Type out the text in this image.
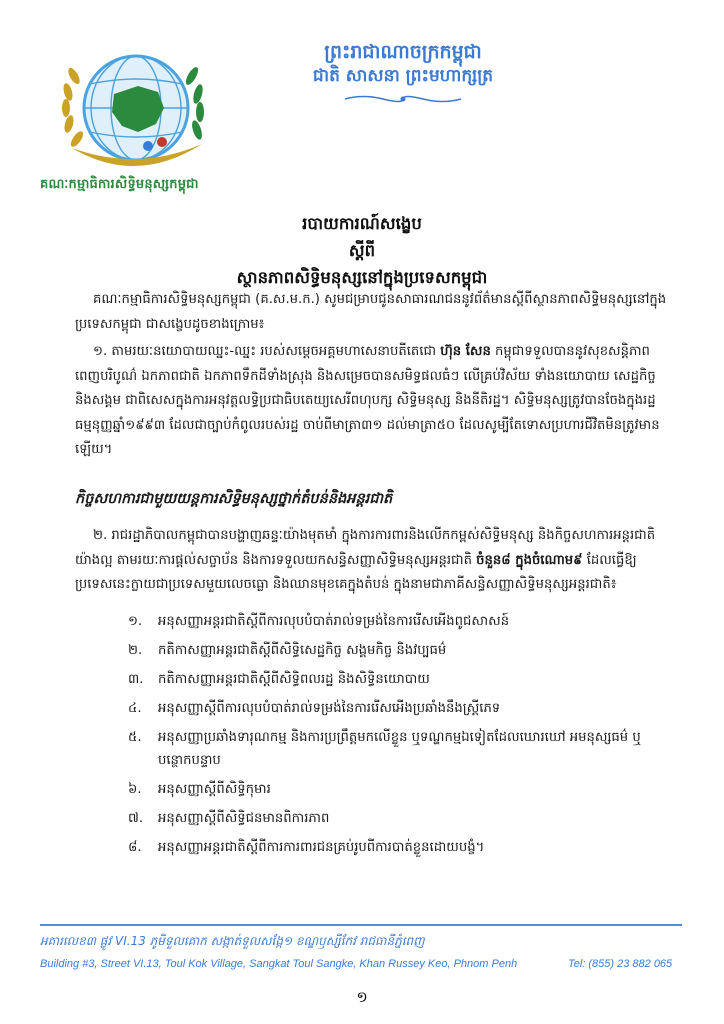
គណៈកម្មាធិការសិទ្ធិមនុស្សកម្ពុជា
ព្រះរាជាណាចក្រកម្ពុជា
ជាតិ សាសនា ព្រះមហាក្សត្រ
របាយការណ៍សង្ខេប
ស្តីពី
ស្ថានភាពសិទ្ធិមនុស្សនៅក្នុងប្រទេសកម្ពុជា
គណៈកម្មាធិការសិទ្ធិមនុស្សកម្ពុជា (គ.ស.ម.ក.) សូមជម្រាបជូនសាធារណជននូវព័ត៌មានស្តីពីស្ថានភាពសិទ្ធិមនុស្សនៅក្នុងប្រទេសកម្ពុជា ជាសង្ខេបដូចខាងក្រោម៖
១. តាមរយៈនយោបាយឈ្នះ-ឈ្នះ របស់សម្តេចអគ្គមហាសេនាបតីតេជោ ហ៊ុន សែន កម្ពុជាទទួលបាននូវសុខសន្តិភាពពេញបរិបូណ៌ ឯកភាពជាតិ ឯកភាពទឹកដីទាំងស្រុង និងសម្រេចបានសមិទ្ធផលធំៗ លើគ្រប់វិស័យ ទាំងនយោបាយ សេដ្ឋកិច្ច និងសង្គម ជាពិសេសក្នុងការអនុវត្តលទ្ធិប្រជាធិបតេយ្យសេរីពហុបក្ស សិទ្ធិមនុស្ស និងនីតិរដ្ឋ។ សិទ្ធិមនុស្សត្រូវបានចែងក្នុងរដ្ឋធម្មនុញ្ញឆ្នាំ១៩៩៣ ដែលជាច្បាប់កំពូលរបស់រដ្ឋ ចាប់ពីមាត្រា៣១ ដល់មាត្រា៥០ ដែលសូម្បីតែទោសប្រហារជីវិតមិនត្រូវមានឡើយ។
កិច្ចសហការជាមួយយន្តការសិទ្ធិមនុស្សថ្នាក់តំបន់និងអន្តរជាតិ
២. រាជរដ្ឋាភិបាលកម្ពុជាបានបង្ហាញឆន្ទៈយ៉ាងមុតមាំ ក្នុងការការពារនិងលើកកម្ពស់សិទ្ធិមនុស្ស និងកិច្ចសហការអន្តរជាតិយ៉ាងល្អ តាមរយៈការផ្តល់សច្ចាប័ន និងការទទួលយកសន្ធិសញ្ញាសិទ្ធិមនុស្សអន្តរជាតិ ចំនួន៨ ក្នុងចំណោម៩ ដែលធ្វើឱ្យប្រទេសនេះក្លាយជាប្រទេសមួយលេចធ្លោ និងឈានមុខគេក្នុងតំបន់ ក្នុងនាមជាភាគីសន្ធិសញ្ញាសិទ្ធិមនុស្សអន្តរជាតិ៖
១.	អនុសញ្ញាអន្តរជាតិស្តីពីការលុបបំបាត់រាល់ទម្រង់នៃការរើសអើងពូជសាសន៍
២.	កតិកាសញ្ញាអន្តរជាតិស្តីពីសិទ្ធិសេដ្ឋកិច្ច សង្គមកិច្ច និងវប្បធម៌
៣.	កតិកាសញ្ញាអន្តរជាតិស្តីពីសិទ្ធិពលរដ្ឋ និងសិទ្ធិនយោបាយ
៤.	អនុសញ្ញាស្តីពីការលុបបំបាត់រាល់ទម្រង់នៃការរើសអើងប្រឆាំងនឹងស្ត្រីភេទ
៥.	អនុសញ្ញាប្រឆាំងទារុណកម្ម និងការប្រព្រឹត្តមកលើខ្លួន ឬទណ្ឌកម្មឯទៀតដែលឃោរឃៅ អមនុស្សធម៌ ឬបន្ថោកបន្ទាប
៦.	អនុសញ្ញាស្តីពីសិទ្ធិកុមារ
៧.	អនុសញ្ញាស្តីពីសិទ្ធិជនមានពិការភាព
៨.	អនុសញ្ញាអន្តរជាតិស្តីពីការការពារជនគ្រប់រូបពីការបាត់ខ្លួនដោយបង្ខំ។
អគារលេខ៣ ផ្លូវ VI.13 ភូមិទួលគោក សង្កាត់ទួលសង្កែ១ ខណ្ឌឫស្សីកែវ រាជធានីភ្នំពេញ
Building #3, Street VI.13, Toul Kok Village, Sangkat Toul Sangke, Khan Russey Keo, Phnom Penh	Tel: (855) 23 882 065
១
